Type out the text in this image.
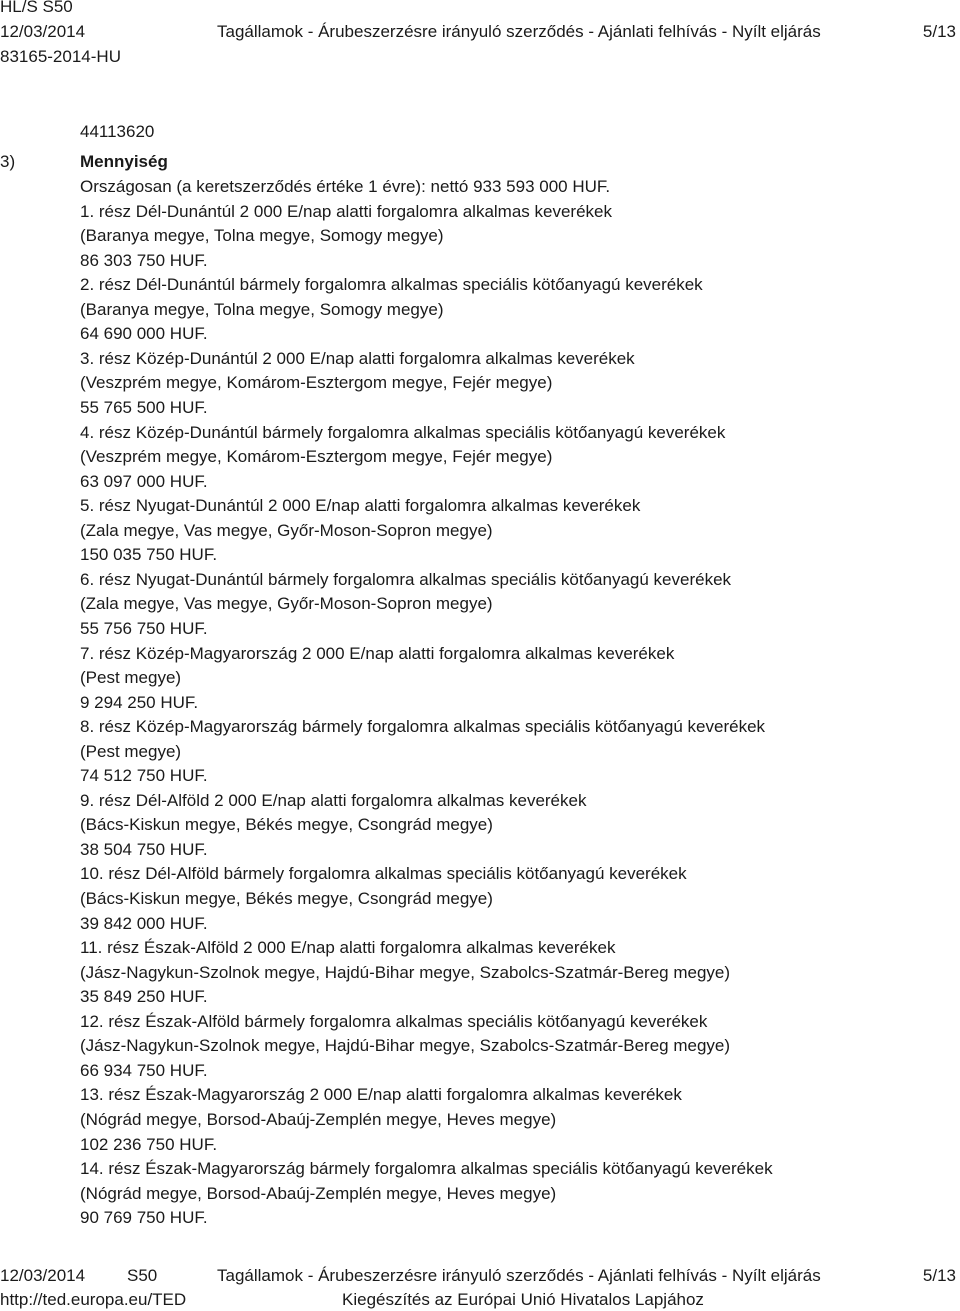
HL/S S50
12/03/2014	Tagállamok - Árubeszerzésre irányuló szerződés - Ajánlati felhívás - Nyílt eljárás	5/13
83165-2014-HU
44113620
3)	Mennyiség
Országosan (a keretszerződés értéke 1 évre): nettó 933 593 000 HUF.
1. rész Dél-Dunántúl 2 000 E/nap alatti forgalomra alkalmas keverékek
(Baranya megye, Tolna megye, Somogy megye)
86 303 750 HUF.
2. rész Dél-Dunántúl bármely forgalomra alkalmas speciális kötőanyagú keverékek
(Baranya megye, Tolna megye, Somogy megye)
64 690 000 HUF.
3. rész Közép-Dunántúl 2 000 E/nap alatti forgalomra alkalmas keverékek
(Veszprém megye, Komárom-Esztergom megye, Fejér megye)
55 765 500 HUF.
4. rész Közép-Dunántúl bármely forgalomra alkalmas speciális kötőanyagú keverékek
(Veszprém megye, Komárom-Esztergom megye, Fejér megye)
63 097 000 HUF.
5. rész Nyugat-Dunántúl 2 000 E/nap alatti forgalomra alkalmas keverékek
(Zala megye, Vas megye, Győr-Moson-Sopron megye)
150 035 750 HUF.
6. rész Nyugat-Dunántúl bármely forgalomra alkalmas speciális kötőanyagú keverékek
(Zala megye, Vas megye, Győr-Moson-Sopron megye)
55 756 750 HUF.
7. rész Közép-Magyarország 2 000 E/nap alatti forgalomra alkalmas keverékek
(Pest megye)
9 294 250 HUF.
8. rész Közép-Magyarország bármely forgalomra alkalmas speciális kötőanyagú keverékek
(Pest megye)
74 512 750 HUF.
9. rész Dél-Alföld 2 000 E/nap alatti forgalomra alkalmas keverékek
(Bács-Kiskun megye, Békés megye, Csongrád megye)
38 504 750 HUF.
10. rész Dél-Alföld bármely forgalomra alkalmas speciális kötőanyagú keverékek
(Bács-Kiskun megye, Békés megye, Csongrád megye)
39 842 000 HUF.
11. rész Észak-Alföld 2 000 E/nap alatti forgalomra alkalmas keverékek
(Jász-Nagykun-Szolnok megye, Hajdú-Bihar megye, Szabolcs-Szatmár-Bereg megye)
35 849 250 HUF.
12. rész Észak-Alföld bármely forgalomra alkalmas speciális kötőanyagú keverékek
(Jász-Nagykun-Szolnok megye, Hajdú-Bihar megye, Szabolcs-Szatmár-Bereg megye)
66 934 750 HUF.
13. rész Észak-Magyarország 2 000 E/nap alatti forgalomra alkalmas keverékek
(Nógrád megye, Borsod-Abaúj-Zemplén megye, Heves megye)
102 236 750 HUF.
14. rész Észak-Magyarország bármely forgalomra alkalmas speciális kötőanyagú keverékek
(Nógrád megye, Borsod-Abaúj-Zemplén megye, Heves megye)
90 769 750 HUF.
12/03/2014 S50	Tagállamok - Árubeszerzésre irányuló szerződés - Ajánlati felhívás - Nyílt eljárás	5/13
http://ted.europa.eu/TED	Kiegészítés az Európai Unió Hivatalos Lapjához
